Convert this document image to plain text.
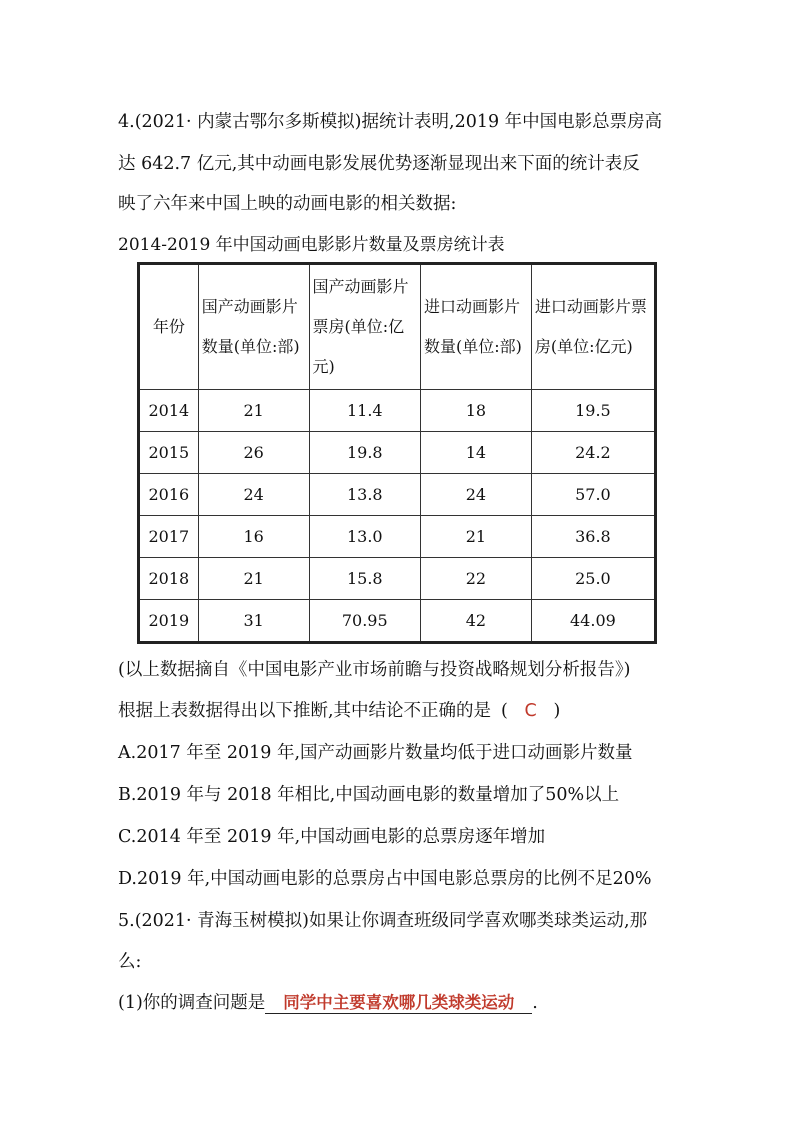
4.(2021· 内蒙古鄂尔多斯模拟)据统计表明,2019 年中国电影总票房高
达 642.7 亿元,其中动画电影发展优势逐渐显现出来下面的统计表反
映了六年来中国上映的动画电影的相关数据:
2014-2019 年中国动画电影影片数量及票房统计表
年份	国产动画影片数量(单位:部)	国产动画影片票房(单位:亿元)	进口动画影片数量(单位:部)	进口动画影片票房(单位:亿元)
2014	21	11.4	18	19.5
2015	26	19.8	14	24.2
2016	24	13.8	24	57.0
2017	16	13.0	21	36.8
2018	21	15.8	22	25.0
2019	31	70.95	42	44.09
(以上数据摘自《中国电影产业市场前瞻与投资战略规划分析报告》)
根据上表数据得出以下推断,其中结论不正确的是 ( C )
A.2017 年至 2019 年,国产动画影片数量均低于进口动画影片数量
B.2019 年与 2018 年相比,中国动画电影的数量增加了50%以上
C.2014 年至 2019 年,中国动画电影的总票房逐年增加
D.2019 年,中国动画电影的总票房占中国电影总票房的比例不足20%
5.(2021· 青海玉树模拟)如果让你调查班级同学喜欢哪类球类运动,那
么:
(1)你的调查问题是 同学中主要喜欢哪几类球类运动 .
